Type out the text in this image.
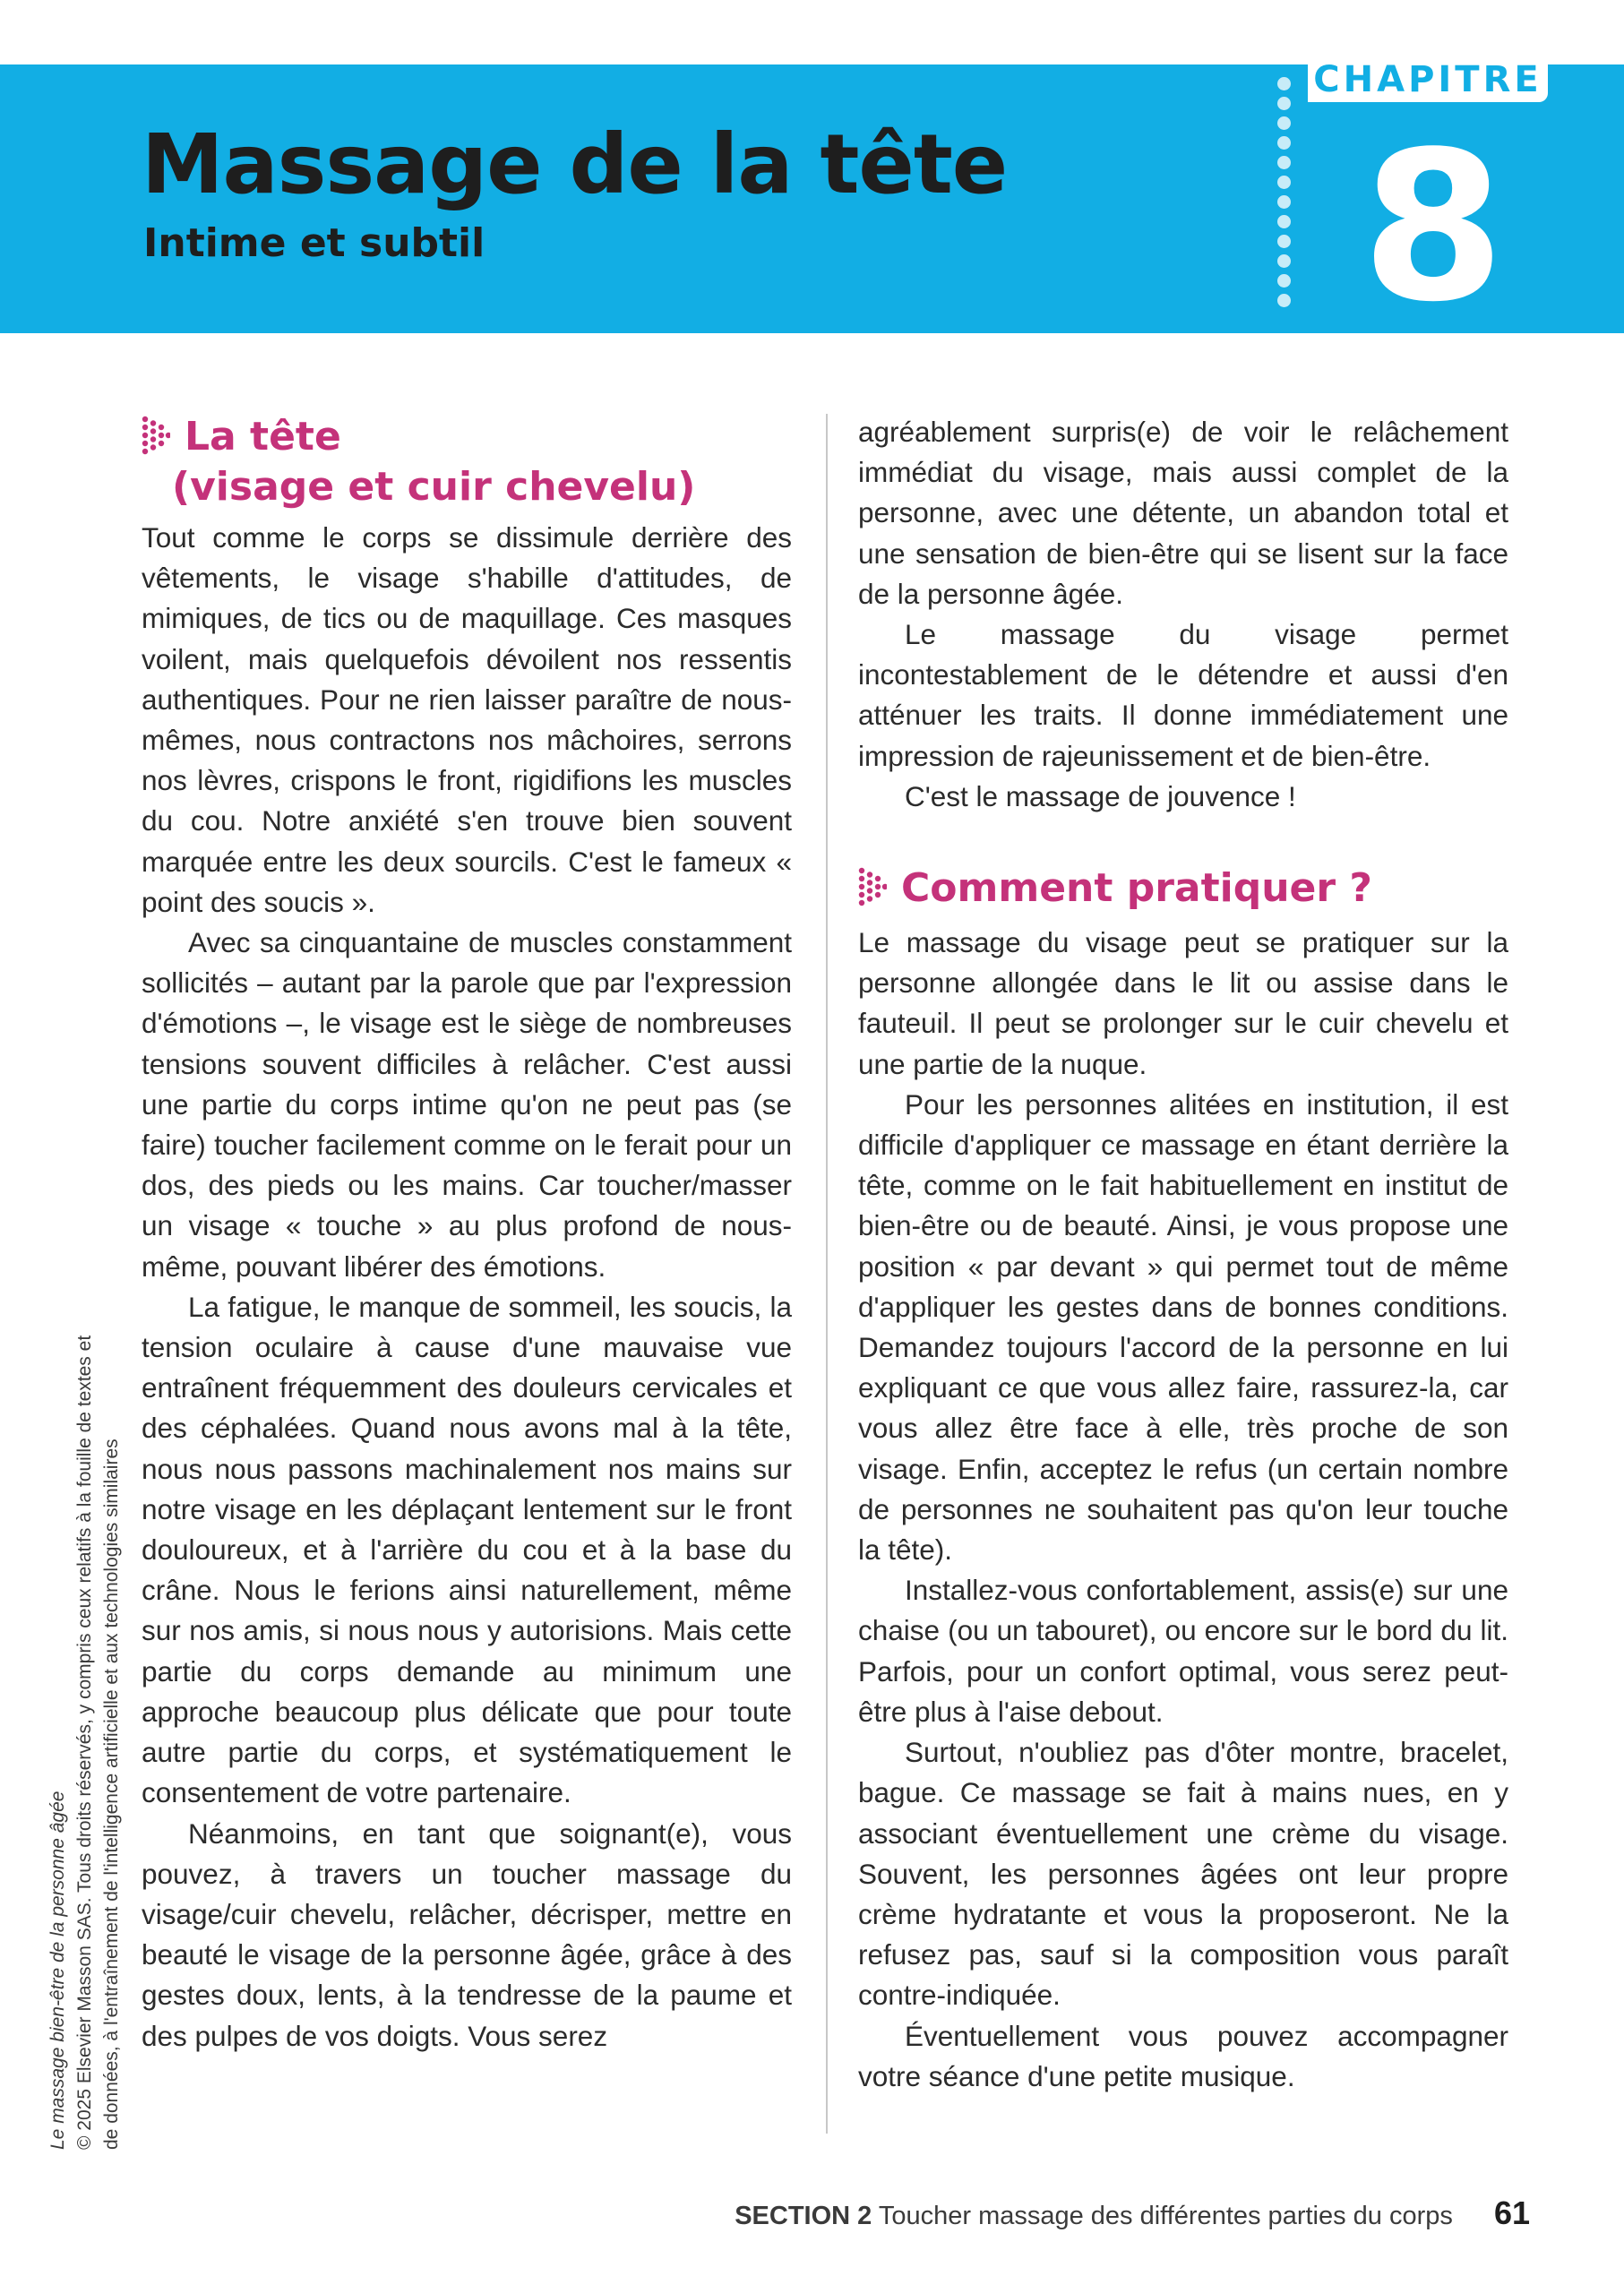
Massage de la tête
Intime et subtil
CHAPITRE
8
La tête
(visage et cuir chevelu)

Tout comme le corps se dissimule derrière des vêtements, le visage s'habille d'attitudes, de mimiques, de tics ou de maquillage. Ces masques voilent, mais quelquefois dévoilent nos ressentis authentiques. Pour ne rien laisser paraître de nous-mêmes, nous contractons nos mâchoires, serrons nos lèvres, crispons le front, rigidifions les muscles du cou. Notre anxiété s'en trouve bien souvent marquée entre les deux sourcils. C'est le fameux « point des soucis ».

Avec sa cinquantaine de muscles constamment sollicités – autant par la parole que par l'expression d'émotions –, le visage est le siège de nombreuses tensions souvent difficiles à relâcher. C'est aussi une partie du corps intime qu'on ne peut pas (se faire) toucher facilement comme on le ferait pour un dos, des pieds ou les mains. Car toucher/masser un visage « touche » au plus profond de nous-même, pouvant libérer des émotions.

La fatigue, le manque de sommeil, les soucis, la tension oculaire à cause d'une mauvaise vue entraînent fréquemment des douleurs cervicales et des céphalées. Quand nous avons mal à la tête, nous nous passons machinalement nos mains sur notre visage en les déplaçant lentement sur le front douloureux, et à l'arrière du cou et à la base du crâne. Nous le ferions ainsi naturellement, même sur nos amis, si nous nous y autorisions. Mais cette partie du corps demande au minimum une approche beaucoup plus délicate que pour toute autre partie du corps, et systématiquement le consentement de votre partenaire.

Néanmoins, en tant que soignant(e), vous pouvez, à travers un toucher massage du visage/cuir chevelu, relâcher, décrisper, mettre en beauté le visage de la personne âgée, grâce à des gestes doux, lents, à la tendresse de la paume et des pulpes de vos doigts. Vous serez

agréablement surpris(e) de voir le relâchement immédiat du visage, mais aussi complet de la personne, avec une détente, un abandon total et une sensation de bien-être qui se lisent sur la face de la personne âgée.

Le massage du visage permet incontestablement de le détendre et aussi d'en atténuer les traits. Il donne immédiatement une impression de rajeunissement et de bien-être.

C'est le massage de jouvence !

Comment pratiquer ?

Le massage du visage peut se pratiquer sur la personne allongée dans le lit ou assise dans le fauteuil. Il peut se prolonger sur le cuir chevelu et une partie de la nuque.

Pour les personnes alitées en institution, il est difficile d'appliquer ce massage en étant derrière la tête, comme on le fait habituellement en institut de bien-être ou de beauté. Ainsi, je vous propose une position « par devant » qui permet tout de même d'appliquer les gestes dans de bonnes conditions. Demandez toujours l'accord de la personne en lui expliquant ce que vous allez faire, rassurez-la, car vous allez être face à elle, très proche de son visage. Enfin, acceptez le refus (un certain nombre de personnes ne souhaitent pas qu'on leur touche la tête).

Installez-vous confortablement, assis(e) sur une chaise (ou un tabouret), ou encore sur le bord du lit. Parfois, pour un confort optimal, vous serez peut-être plus à l'aise debout.

Surtout, n'oubliez pas d'ôter montre, bracelet, bague. Ce massage se fait à mains nues, en y associant éventuellement une crème du visage. Souvent, les personnes âgées ont leur propre crème hydratante et vous la proposeront. Ne la refusez pas, sauf si la composition vous paraît contre-indiquée.

Éventuellement vous pouvez accompagner votre séance d'une petite musique.

Le massage bien-être de la personne âgée © 2025 Elsevier Masson SAS. Tous droits réservés, y compris ceux relatifs à la fouille de textes et de données, à l'entraînement de l'intelligence artificielle et aux technologies similaires
SECTION 2 Toucher massage des différentes parties du corps 61
